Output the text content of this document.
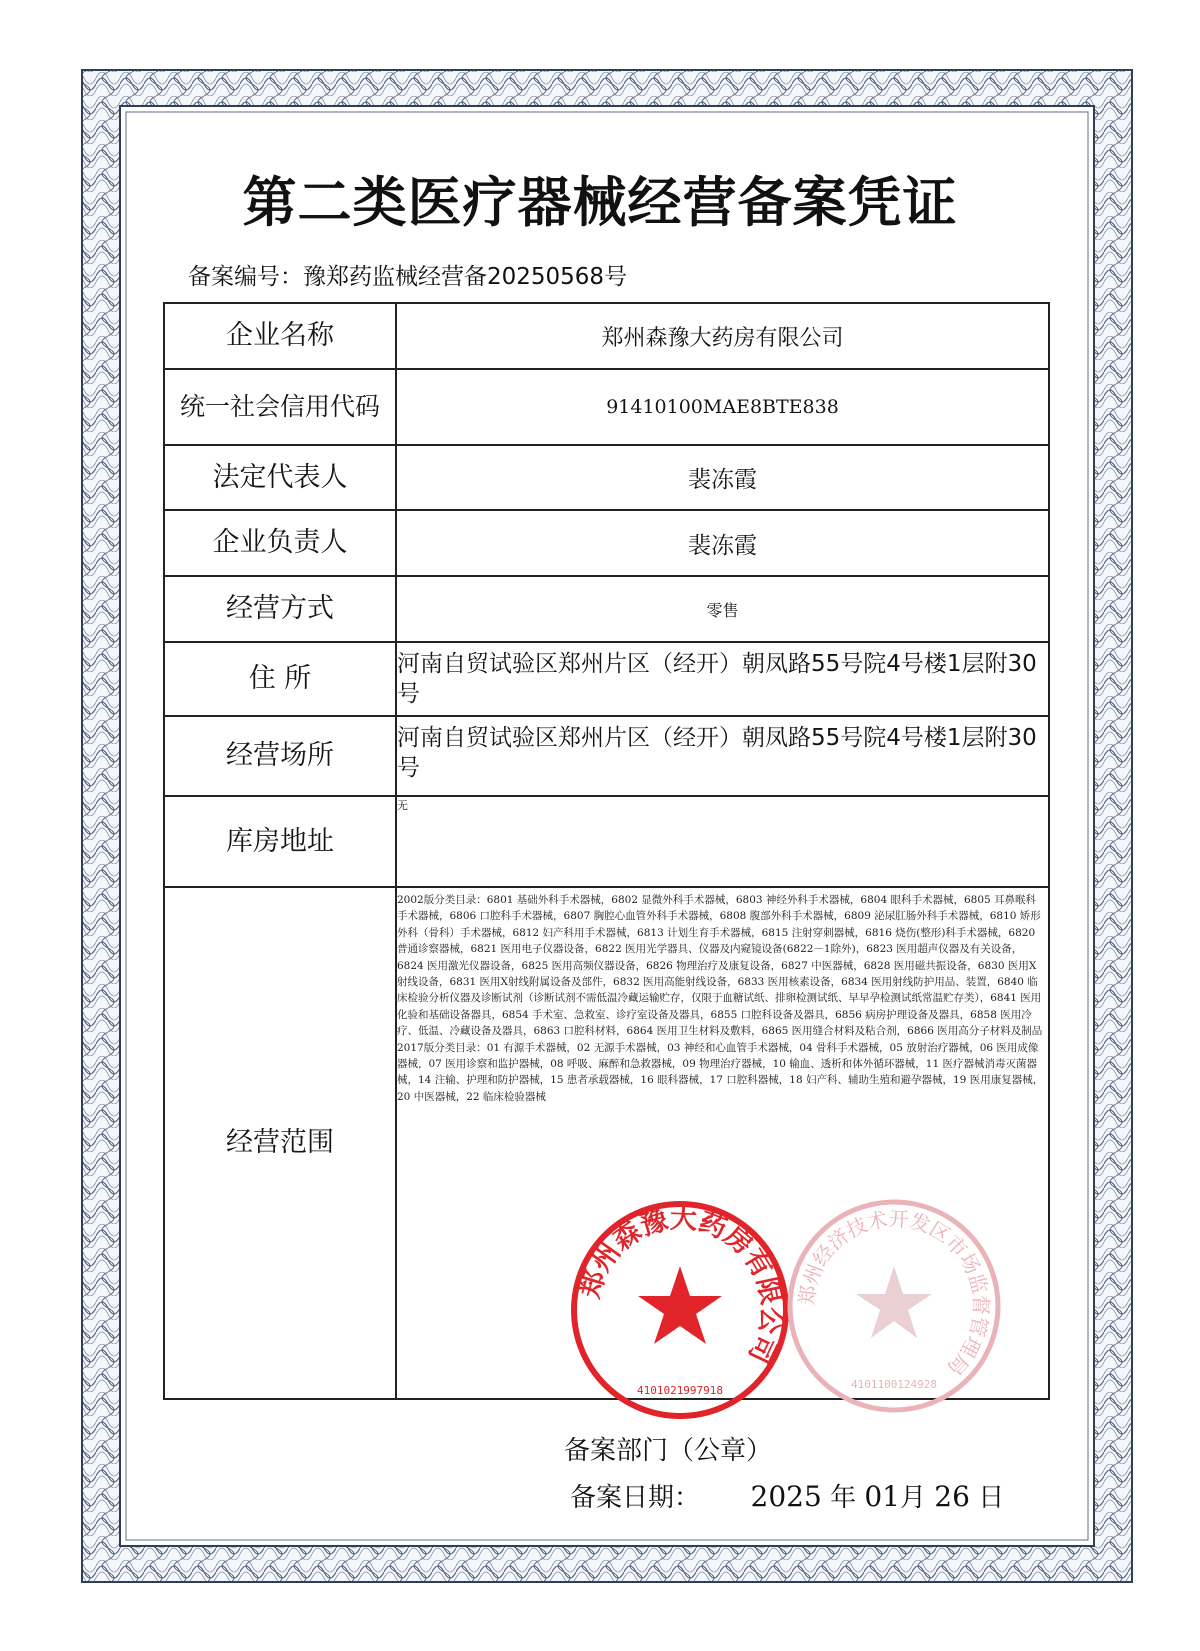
第二类医疗器械经营备案凭证
备案编号：豫郑药监械经营备20250568号
企业名称	郑州森豫大药房有限公司
统一社会信用代码	91410100MAE8BTE838
法定代表人	裴冻霞
企业负责人	裴冻霞
经营方式	零售
住 所	河南自贸试验区郑州片区（经开）朝凤路55号院4号楼1层附30号

经营场所	河南自贸试验区郑州片区（经开）朝凤路55号院4号楼1层附30号

库房地址	无

经营范围	2002版分类目录：6801 基础外科手术器械，6802 显微外科手术器械，6803 神经外科手术器械，6804 眼科手术器械，6805 耳鼻喉科手术器械，6806 口腔科手术器械，6807 胸腔心血管外科手术器械，6808 腹部外科手术器械，6809 泌尿肛肠外科手术器械，6810 矫形外科（骨科）手术器械，6812 妇产科用手术器械，6813 计划生育手术器械，6815 注射穿刺器械，6816 烧伤(整形)科手术器械，6820 普通诊察器械，6821 医用电子仪器设备，6822 医用光学器具、仪器及内窥镜设备(6822－1除外)，6823 医用超声仪器及有关设备，6824 医用激光仪器设备，6825 医用高频仪器设备，6826 物理治疗及康复设备，6827 中医器械，6828 医用磁共振设备，6830 医用X射线设备，6831 医用X射线附属设备及部件，6832 医用高能射线设备，6833 医用核素设备，6834 医用射线防护用品、装置，6840 临床检验分析仪器及诊断试剂（诊断试剂不需低温冷藏运输贮存，仅限于血糖试纸、排卵检测试纸、早早孕检测试纸常温贮存类），6841 医用化验和基础设备器具，6854 手术室、急救室、诊疗室设备及器具，6855 口腔科设备及器具，6856 病房护理设备及器具，6858 医用冷疗、低温、冷藏设备及器具，6863 口腔科材料，6864 医用卫生材料及敷料，6865 医用缝合材料及粘合剂，6866 医用高分子材料及制品 2017版分类目录：01 有源手术器械，02 无源手术器械，03 神经和心血管手术器械，04 骨科手术器械，05 放射治疗器械，06 医用成像器械，07 医用诊察和监护器械，08 呼吸、麻醉和急救器械，09 物理治疗器械，10 输血、透析和体外循环器械，11 医疗器械消毒灭菌器械，14 注输、护理和防护器械，15 患者承载器械，16 眼科器械，17 口腔科器械，18 妇产科、辅助生殖和避孕器械，19 医用康复器械，20 中医器械，22 临床检验器械
郑州森豫大药房有限公司
4101021997918
郑州经济技术开发区市场监督管理局
4101100124928
备案部门（公章）
备案日期： 2025 年 01月 26 日
